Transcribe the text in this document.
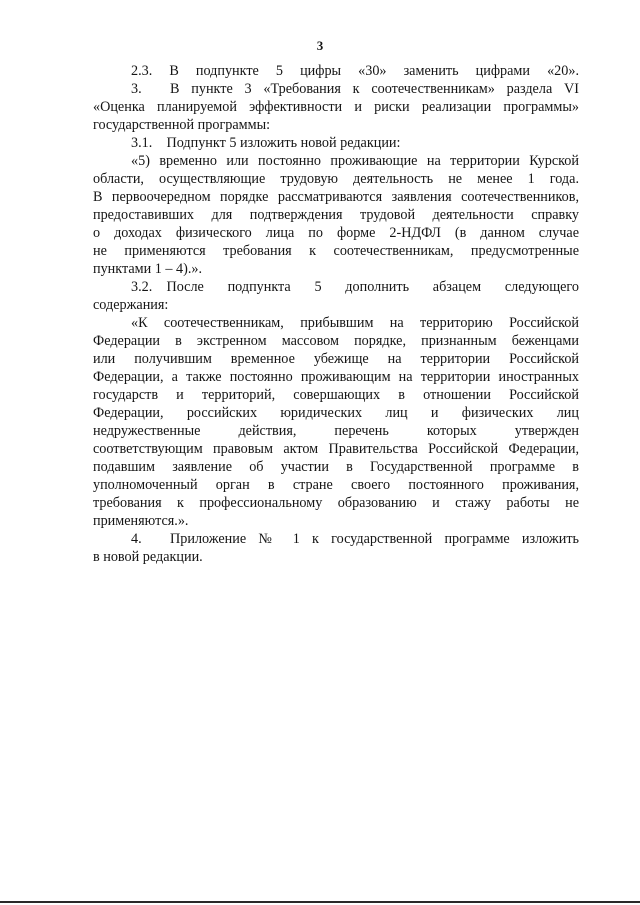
3

2.3. В подпункте 5 цифры «30» заменить цифрами «20».

3.  В пункте 3 «Требования к соотечественникам» раздела VI

«Оценка планируемой эффективности и риски реализации программы»

государственной программы:

3.1. Подпункт 5 изложить новой редакции:

«5) временно или постоянно проживающие на территории Курской

области, осуществляющие трудовую деятельность не менее 1 года.

В первоочередном порядке рассматриваются заявления соотечественников,

предоставивших для подтверждения трудовой деятельности справку

о доходах физического лица по форме 2-НДФЛ (в данном случае

не применяются требования к соотечественникам, предусмотренные

пунктами 1 – 4).».

3.2. После подпункта 5 дополнить абзацем следующего

содержания:

«К соотечественникам, прибывшим на территорию Российской

Федерации в экстренном массовом порядке, признанным беженцами

или получившим временное убежище на территории Российской

Федерации, а также постоянно проживающим на территории иностранных

государств и территорий, совершающих в отношении Российской

Федерации, российских юридических лиц и физических лиц

недружественные действия, перечень которых утвержден

соответствующим правовым актом Правительства Российской Федерации,

подавшим заявление об участии в Государственной программе в

уполномоченный орган в стране своего постоянного проживания,

требования к профессиональному образованию и стажу работы не

применяются.».

4.  Приложение № 1 к государственной программе изложить

в новой редакции.
